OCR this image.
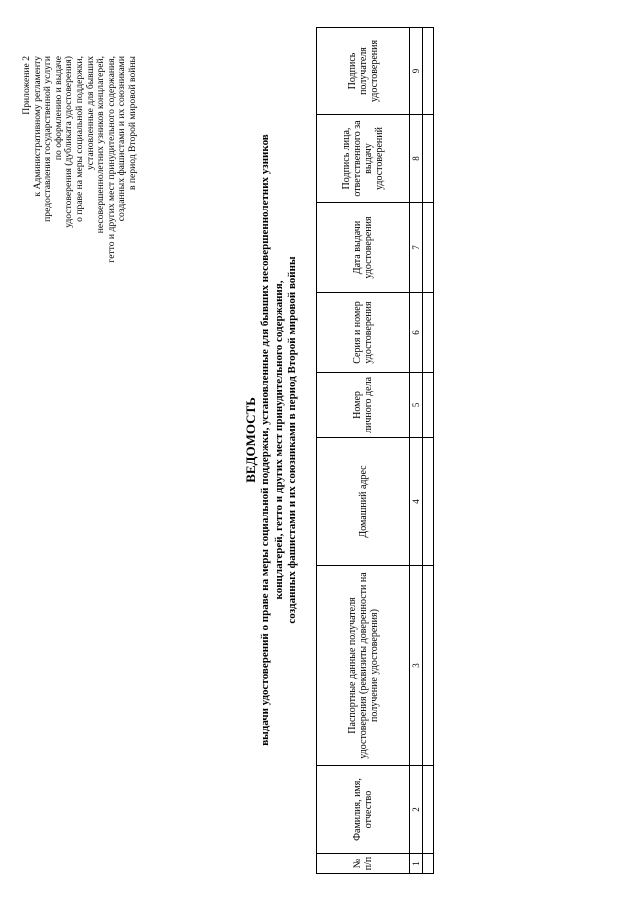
Приложение 2 к Административному регламенту предоставления государственной услуги по оформлению и выдаче удостоверения (дубликата удостоверения) о праве на меры социальной поддержки, установленные для бывших несовершеннолетних узников концлагерей, гетто и других мест принудительного содержания, созданных фашистами и их союзниками в период Второй мировой войны
ВЕДОМОСТЬ выдачи удостоверений о праве на меры социальной поддержки, установленные для бывших несовершеннолетних узников концлагерей, гетто и других мест принудительного содержания, созданных фашистами и их союзниками в период Второй мировой войны
№ п/п	Фамилия, имя, отчество	Паспортные данные получателя удостоверения (реквизиты доверенности на получение удостоверения)	Домашний адрес	Номер личного дела	Серия и номер удостоверения	Дата выдачи удостоверения	Подпись лица, ответственного за выдачу удостоверений	Подпись получателя удостоверения
1	2	3	4	5	6	7	8	9
